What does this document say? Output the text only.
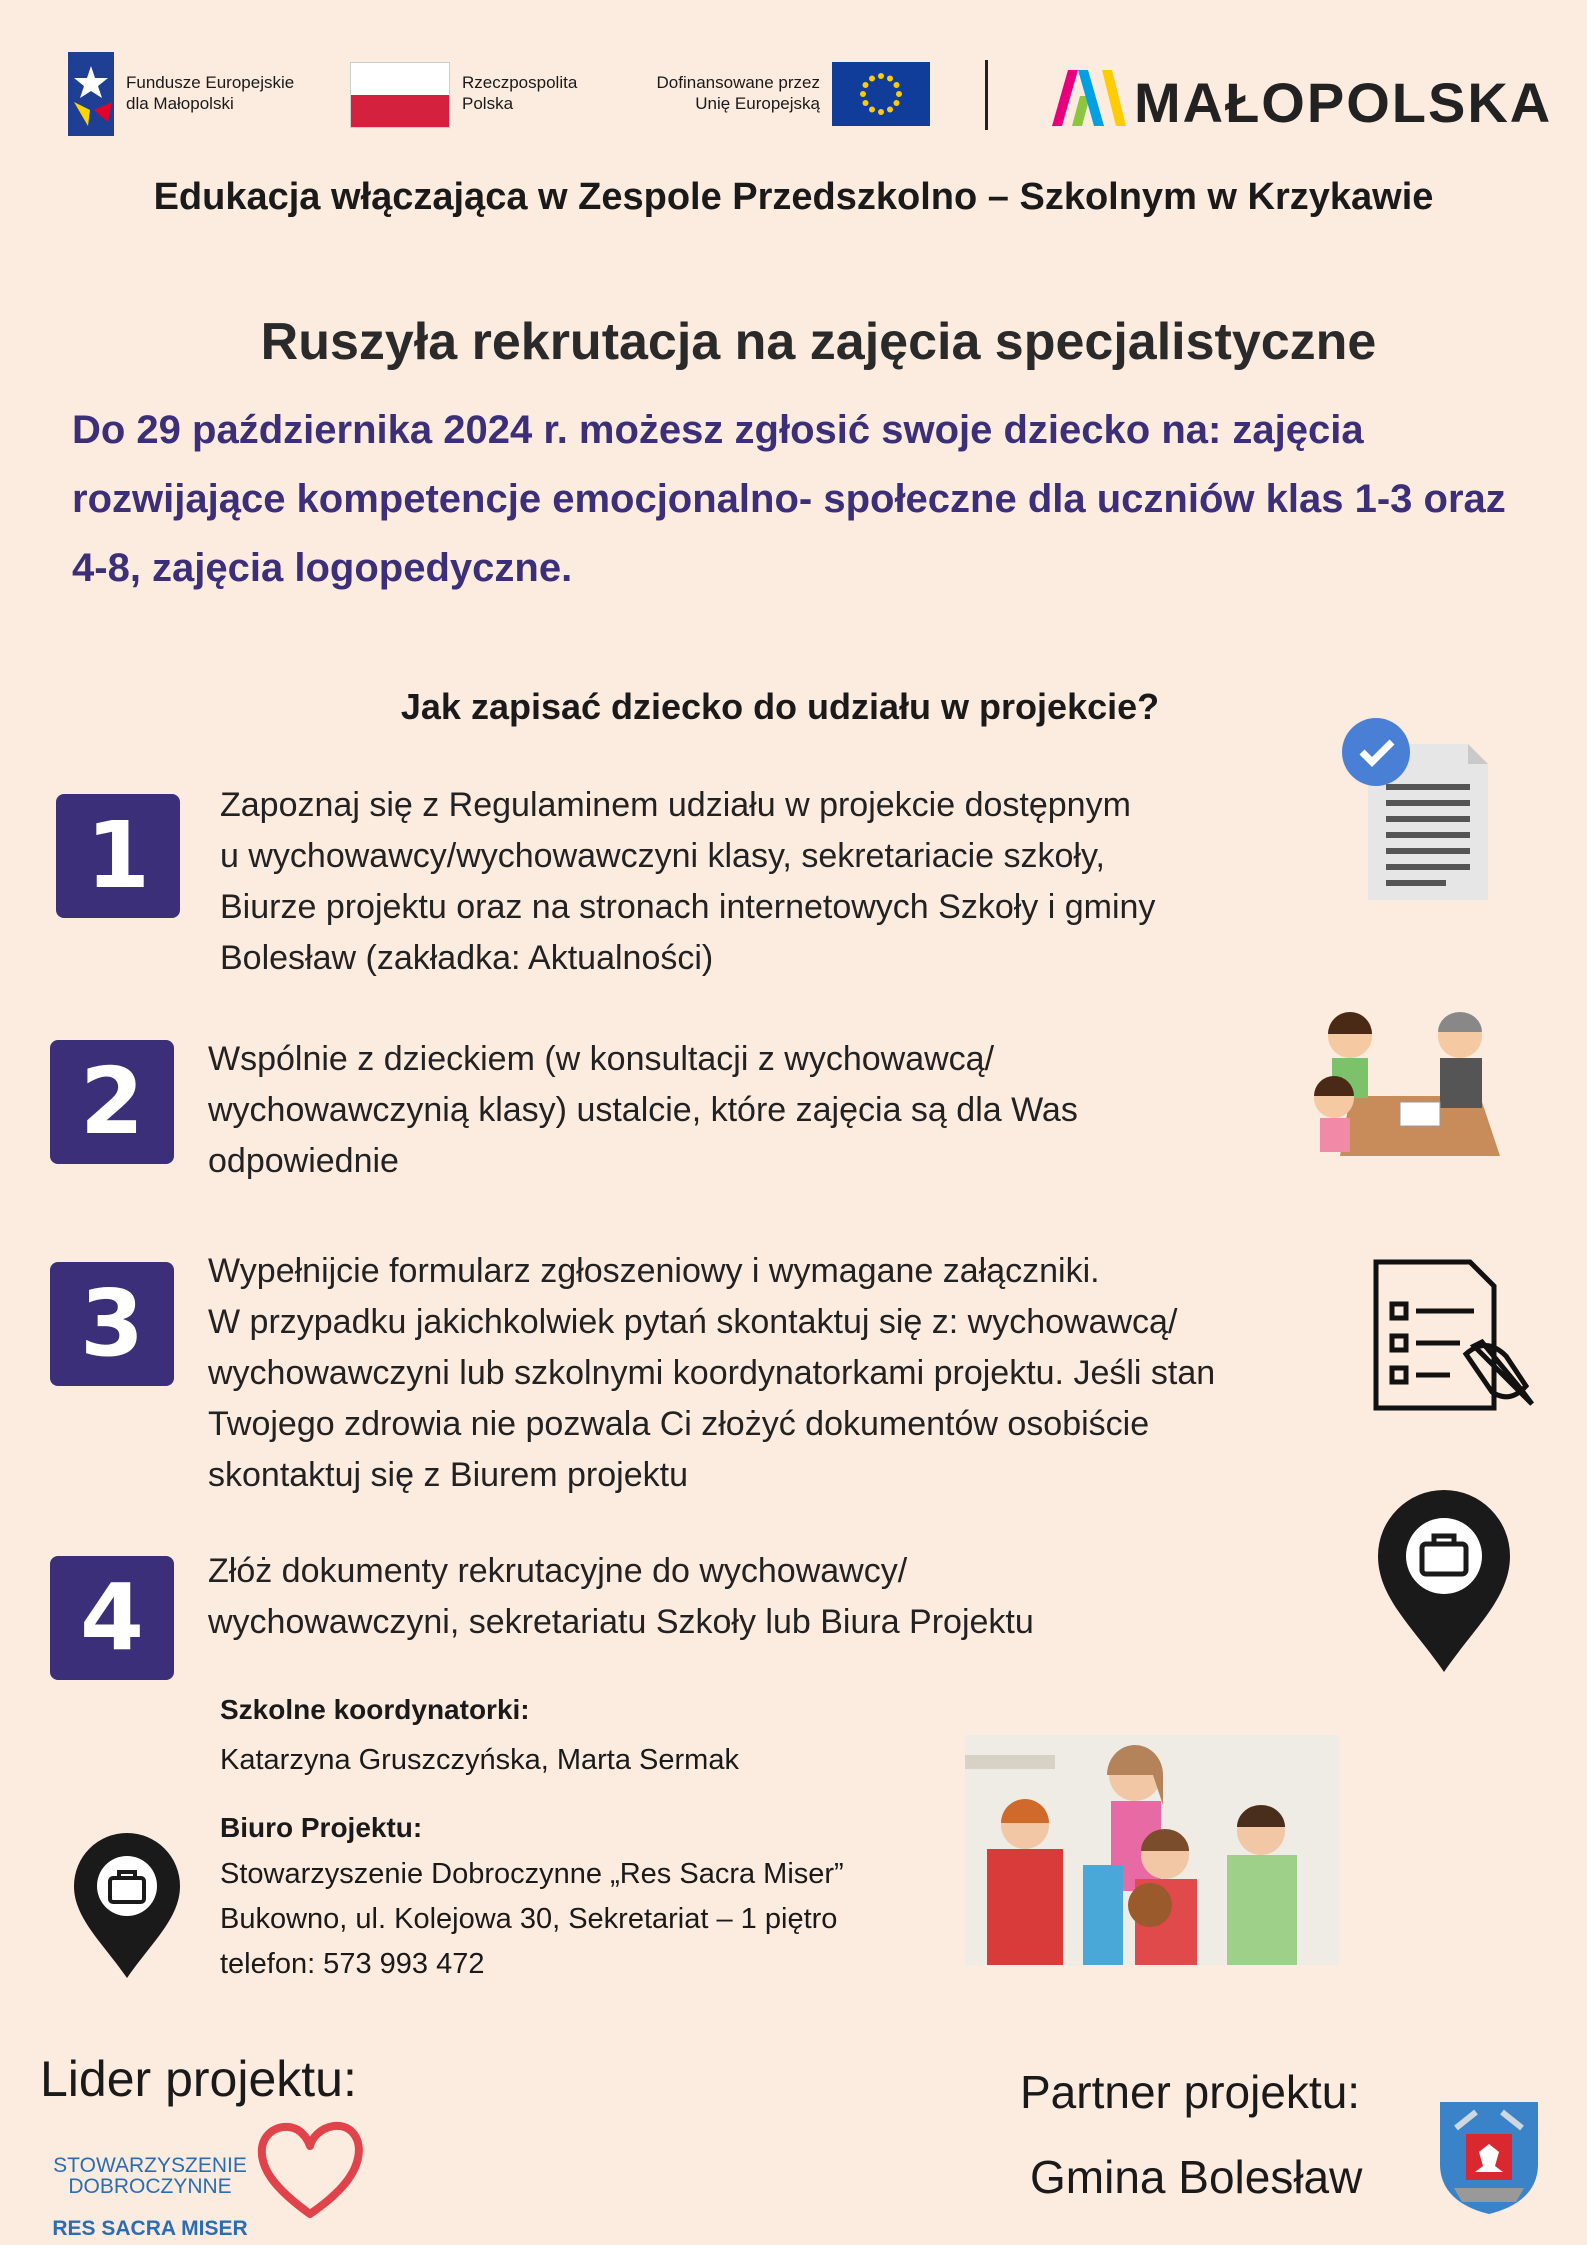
Fundusze Europejskie
dla Małopolski
Rzeczpospolita
Polska
Dofinansowane przez
Unię Europejską	MAŁOPOLSKA
Edukacja włączająca w Zespole Przedszkolno – Szkolnym w Krzykawie
Ruszyła rekrutacja na zajęcia specjalistyczne
Do 29 października 2024 r. możesz zgłosić swoje dziecko na: zajęcia rozwijające kompetencje emocjonalno- społeczne dla uczniów klas 1-3 oraz 4-8, zajęcia logopedyczne.
Jak zapisać dziecko do udziału w projekcie?
1	Zapoznaj się z Regulaminem udziału w projekcie dostępnym
u wychowawcy/wychowawczyni klasy, sekretariacie szkoły,
Biurze projektu oraz na stronach internetowych Szkoły i gminy
Bolesław (zakładka: Aktualności)
2	Wspólnie z dzieckiem (w konsultacji z wychowawcą/
wychowawczynią klasy) ustalcie, które zajęcia są dla Was
odpowiednie
3	Wypełnijcie formularz zgłoszeniowy i wymagane załączniki.
W przypadku jakichkolwiek pytań skontaktuj się z: wychowawcą/
wychowawczyni lub szkolnymi koordynatorkami projektu. Jeśli stan
Twojego zdrowia nie pozwala Ci złożyć dokumentów osobiście
skontaktuj się z Biurem projektu
4	Złóż dokumenty rekrutacyjne do wychowawcy/
wychowawczyni, sekretariatu Szkoły lub Biura Projektu
Szkolne koordynatorki:
Katarzyna Gruszczyńska, Marta Sermak
Biuro Projektu:
Stowarzyszenie Dobroczynne „Res Sacra Miser”
Bukowno, ul. Kolejowa 30, Sekretariat – 1 piętro
telefon: 573 993 472
Lider projektu:

STOWARZYSZENIE
DOBROCZYNNE

RES SACRA MISER

Partner projektu:
Gmina Bolesław
